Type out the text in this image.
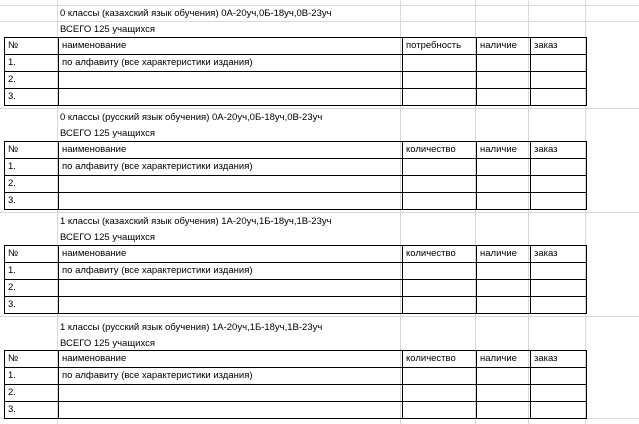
0 классы (казахский язык обучения) 0А-20уч,0Б-18уч,0В-23уч
ВСЕГО 125 учащихся
№	наименование	потребность	наличие	заказ
1.	по алфавиту (все характеристики издания)			
2.				
3.				
0 классы (русский язык обучения) 0А-20уч,0Б-18уч,0В-23уч
ВСЕГО 125 учащихся
№	наименование	количество	наличие	заказ
1.	по алфавиту (все характеристики издания)			
2.				
3.				
1 классы (казахский язык обучения) 1А-20уч,1Б-18уч,1В-23уч
ВСЕГО 125 учащихся
№	наименование	количество	наличие	заказ
1.	по алфавиту (все характеристики издания)			
2.				
3.				
1 классы (русский язык обучения) 1А-20уч,1Б-18уч,1В-23уч
ВСЕГО 125 учащихся
№	наименование	количество	наличие	заказ
1.	по алфавиту (все характеристики издания)			
2.				
3.				
